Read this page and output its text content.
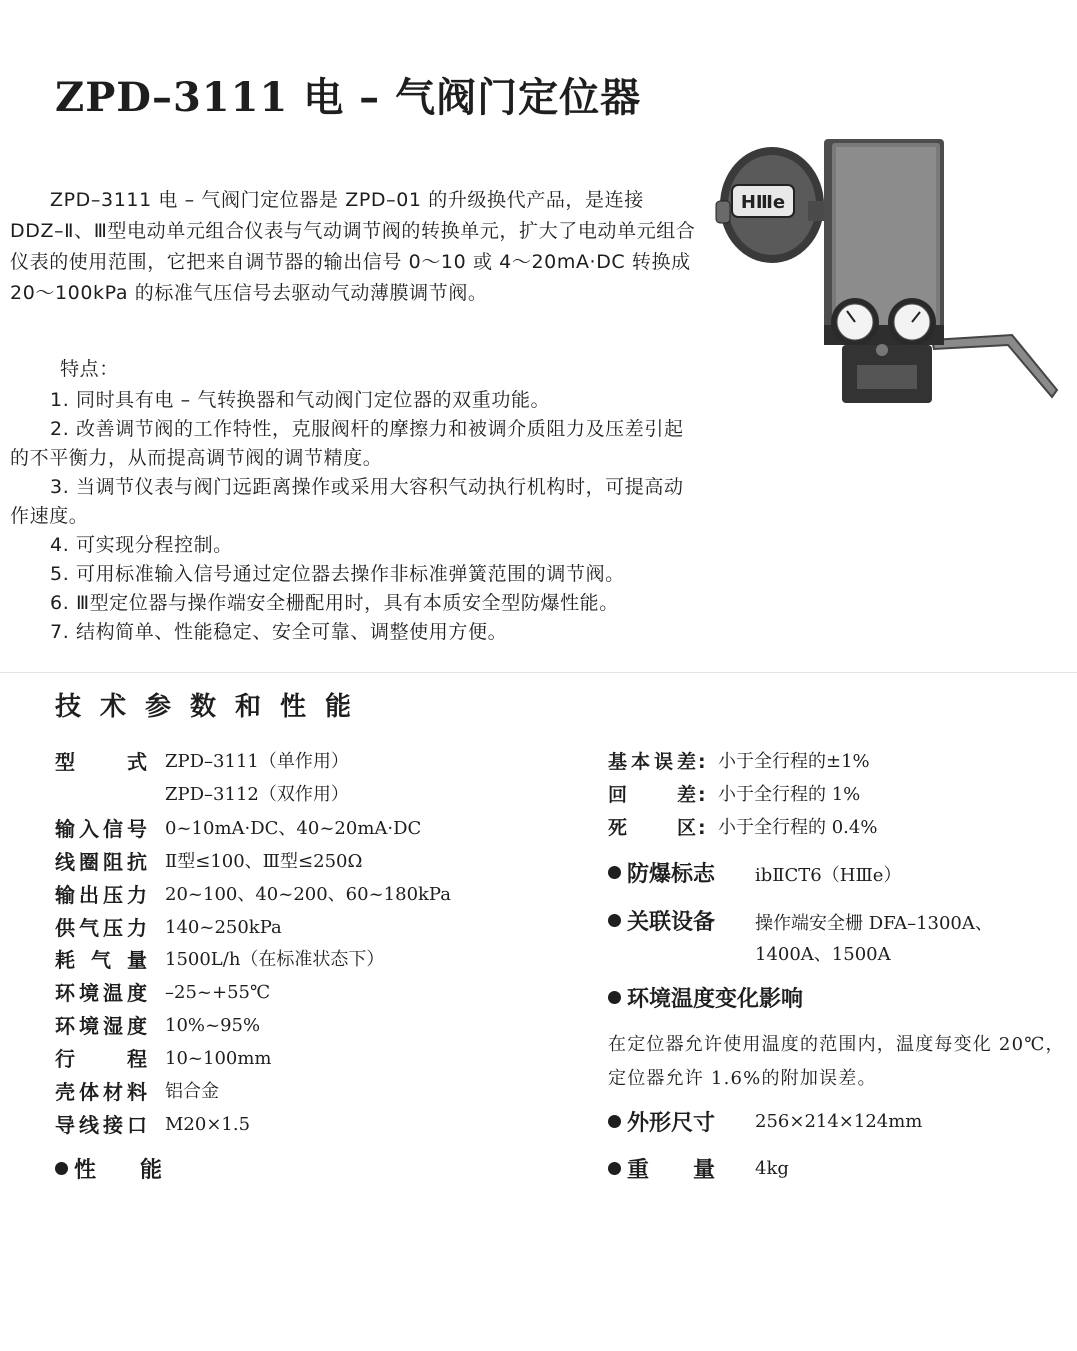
ZPD–3111 电 – 气阀门定位器

ZPD–3111 电 – 气阀门定位器是 ZPD–01 的升级换代产品，是连接 DDZ–Ⅱ、Ⅲ型电动单元组合仪表与气动调节阀的转换单元，扩大了电动单元组合仪表的使用范围，它把来自调节器的输出信号 0～10 或 4～20mA·DC 转换成 20～100kPa 的标准气压信号去驱动气动薄膜调节阀。

特点：

1. 同时具有电 – 气转换器和气动阀门定位器的双重功能。

2. 改善调节阀的工作特性，克服阀杆的摩擦力和被调介质阻力及压差引起的不平衡力，从而提高调节阀的调节精度。

3. 当调节仪表与阀门远距离操作或采用大容积气动执行机构时，可提高动作速度。

4. 可实现分程控制。

5. 可用标准输入信号通过定位器去操作非标准弹簧范围的调节阀。

6. Ⅲ型定位器与操作端安全栅配用时，具有本质安全型防爆性能。

7. 结构简单、性能稳定、安全可靠、调整使用方便。

HⅢe
技术参数和性能
型式 ZPD–3111（单作用）
ZPD–3112（双作用）
输入信号 0~10mA·DC、40~20mA·DC
线圈阻抗 Ⅱ型≤100、Ⅲ型≤250Ω
输出压力 20~100、40~200、60~180kPa
供气压力 140~250kPa
耗气量 1500L/h（在标准状态下）
环境温度 –25~+55℃
环境湿度 10%~95%
行程 10~100mm
壳体材料 铝合金
导线接口 M20×1.5
性　　能
基本误差 : 小于全行程的±1%
回差 : 小于全行程的 1%
死区 : 小于全行程的 0.4%
防爆标志 ibⅡCT6（HⅢe）
关联设备 操作端安全栅 DFA–1300A、
1400A、1500A
环境温度变化影响
在定位器允许使用温度的范围内，温度每变化 20℃，定位器允许 1.6%的附加误差。
外形尺寸 256×214×124mm
重　　量 4kg
